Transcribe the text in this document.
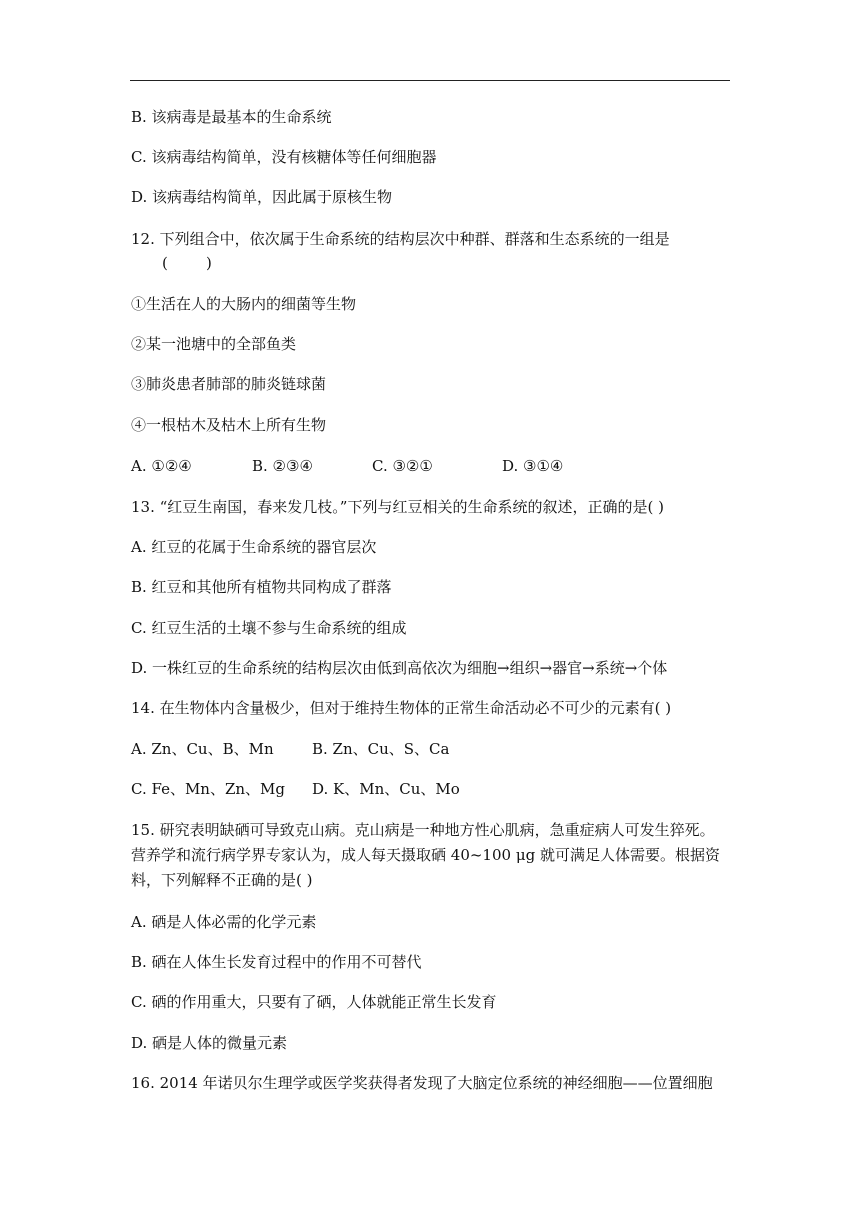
B. 该病毒是最基本的生命系统
C. 该病毒结构简单，没有核糖体等任何细胞器
D. 该病毒结构简单，因此属于原核生物
12. 下列组合中，依次属于生命系统的结构层次中种群、群落和生态系统的一组是
(        )
①生活在人的大肠内的细菌等生物
②某一池塘中的全部鱼类
③肺炎患者肺部的肺炎链球菌
④一根枯木及枯木上所有生物
A. ①②④	B. ②③④	C. ③②①	D. ③①④
13. “红豆生南国，春来发几枝。”下列与红豆相关的生命系统的叙述，正确的是( )
A. 红豆的花属于生命系统的器官层次
B. 红豆和其他所有植物共同构成了群落
C. 红豆生活的土壤不参与生命系统的组成
D. 一株红豆的生命系统的结构层次由低到高依次为细胞→组织→器官→系统→个体
14. 在生物体内含量极少，但对于维持生物体的正常生命活动必不可少的元素有( )
A. Zn、Cu、B、Mn	B. Zn、Cu、S、Ca
C. Fe、Mn、Zn、Mg D. K、Mn、Cu、Mo
15. 研究表明缺硒可导致克山病。克山病是一种地方性心肌病，急重症病人可发生猝死。
营养学和流行病学界专家认为，成人每天摄取硒 40~100 μg 就可满足人体需要。根据资
料，下列解释不正确的是( )
A. 硒是人体必需的化学元素
B. 硒在人体生长发育过程中的作用不可替代
C. 硒的作用重大，只要有了硒，人体就能正常生长发育
D. 硒是人体的微量元素
16. 2014 年诺贝尔生理学或医学奖获得者发现了大脑定位系统的神经细胞——位置细胞
